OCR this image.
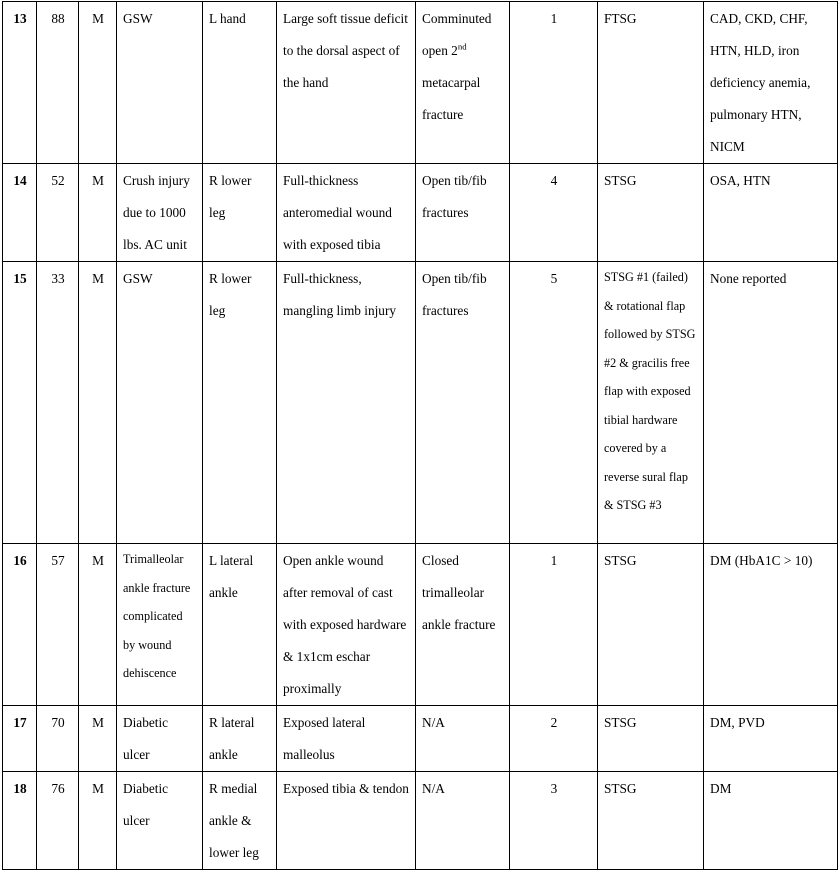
13	88	M	GSW	L hand	Large soft tissue deficit to the dorsal aspect of the hand	Comminuted open 2nd metacarpal fracture	1	FTSG	CAD, CKD, CHF, HTN, HLD, iron deficiency anemia, pulmonary HTN, NICM
14	52	M	Crush injury due to 1000 lbs. AC unit	R lower leg	Full-thickness anteromedial wound with exposed tibia	Open tib/fib fractures	4	STSG	OSA, HTN
15	33	M	GSW	R lower leg	Full-thickness, mangling limb injury	Open tib/fib fractures	5	STSG #1 (failed) & rotational flap followed by STSG #2 & gracilis free flap with exposed tibial hardware covered by a reverse sural flap & STSG #3	None reported
16	57	M	Trimalleolar ankle fracture complicated by wound dehiscence	L lateral ankle	Open ankle wound after removal of cast with exposed hardware & 1x1cm eschar proximally	Closed trimalleolar ankle fracture	1	STSG	DM (HbA1C > 10)
17	70	M	Diabetic ulcer	R lateral ankle	Exposed lateral malleolus	N/A	2	STSG	DM, PVD
18	76	M	Diabetic ulcer	R medial ankle & lower leg	Exposed tibia & tendon	N/A	3	STSG	DM
